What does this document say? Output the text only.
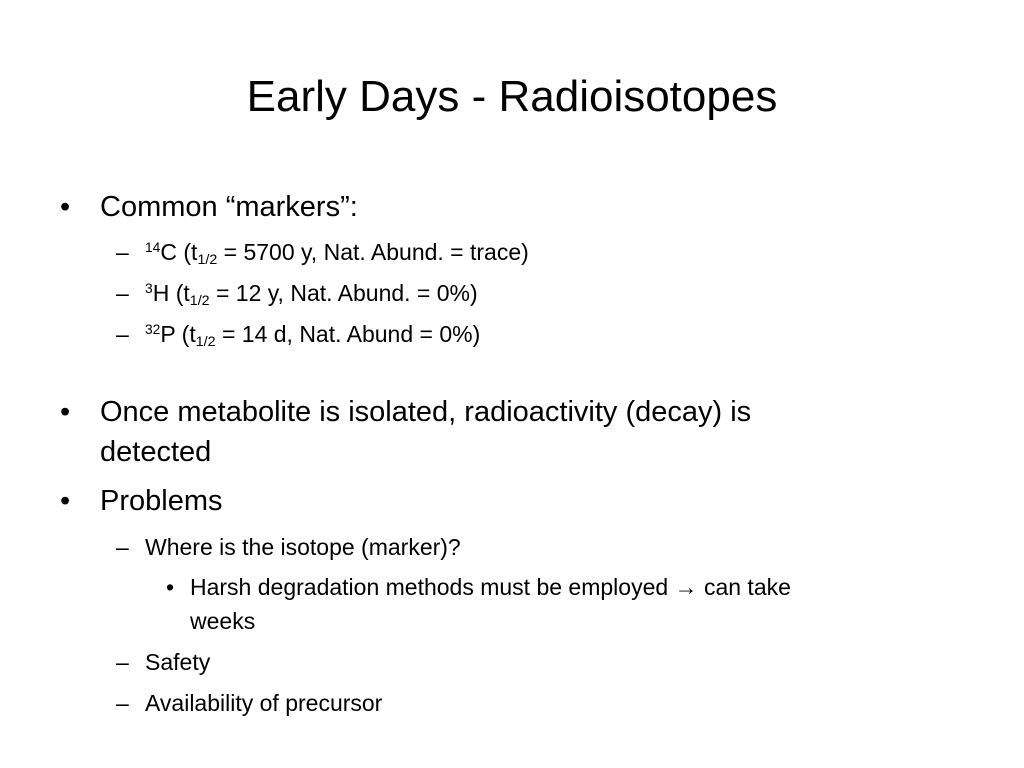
Early Days - Radioisotopes
• Common “markers”:
– $^{14}$C ($t_{1/2} = 5700$ y, Nat. Abund. = trace)
– $^3$H ($t_{1/2} = 12$ y, Nat. Abund. = 0%)
– $^{32}$P ($t_{1/2} = 14$ d, Nat. Abund = 0%)
• Once metabolite is isolated, radioactivity (decay) is
detected
• Problems
– Where is the isotope (marker)?
• Harsh degradation methods must be employed → can take
weeks
– Safety
– Availability of precursor
